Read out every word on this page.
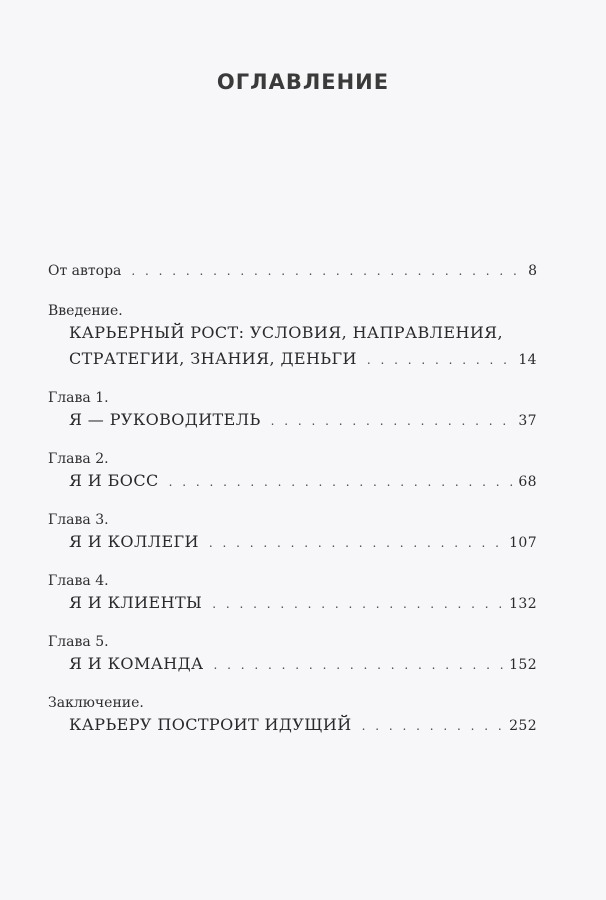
ОГЛАВЛЕНИЕ
От автора . . .	8
Введение.
КАРЬЕРНЫЙ РОСТ: УСЛОВИЯ, НАПРАВЛЕНИЯ,
СТРАТЕГИИ, ЗНАНИЯ, ДЕНЬГИ . . .	14
Глава 1.
Я — РУКОВОДИТЕЛЬ . . .	37
Глава 2.
Я И БОСС . . .	68
Глава 3.
Я И КОЛЛЕГИ . . .	107
Глава 4.
Я И КЛИЕНТЫ . . .	132
Глава 5.
Я И КОМАНДА . . .	152
Заключение.
КАРЬЕРУ ПОСТРОИТ ИДУЩИЙ . . .	252
